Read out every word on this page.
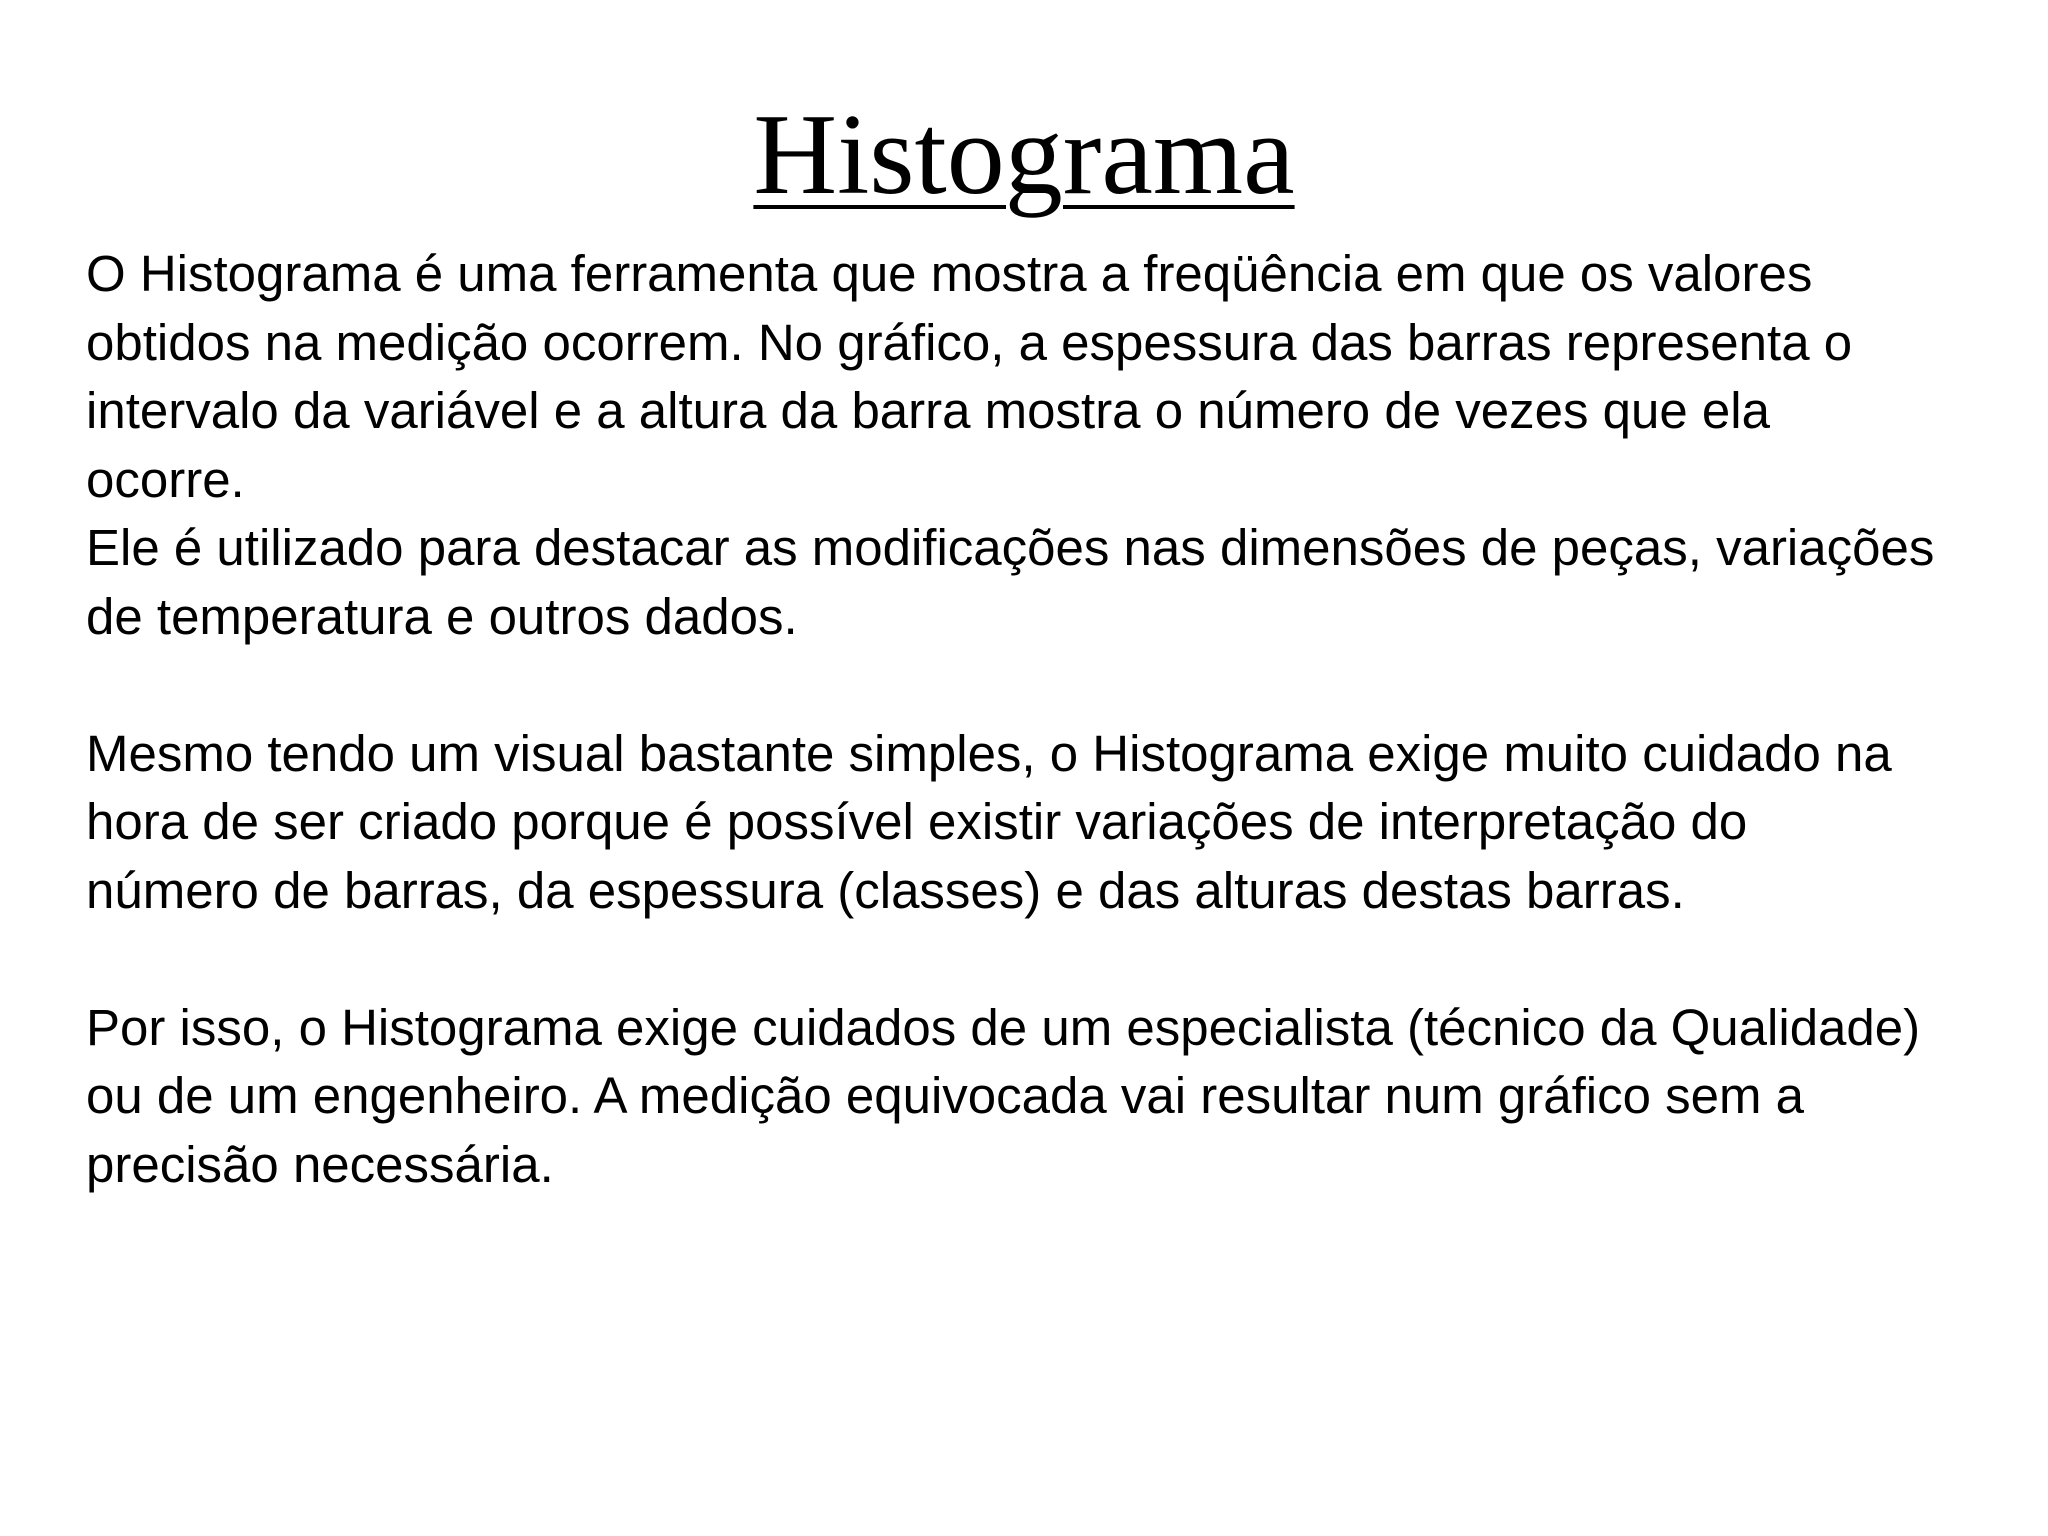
Histograma

O Histograma é uma ferramenta que mostra a freqüência em que os valores

obtidos na medição ocorrem. No gráfico, a espessura das barras representa o

intervalo da variável e a altura da barra mostra o número de vezes que ela

ocorre.

Ele é utilizado para destacar as modificações nas dimensões de peças, variações

de temperatura e outros dados.

Mesmo tendo um visual bastante simples, o Histograma exige muito cuidado na

hora de ser criado porque é possível existir variações de interpretação do

número de barras, da espessura (classes) e das alturas destas barras.

Por isso, o Histograma exige cuidados de um especialista (técnico da Qualidade)

ou de um engenheiro. A medição equivocada vai resultar num gráfico sem a

precisão necessária.
